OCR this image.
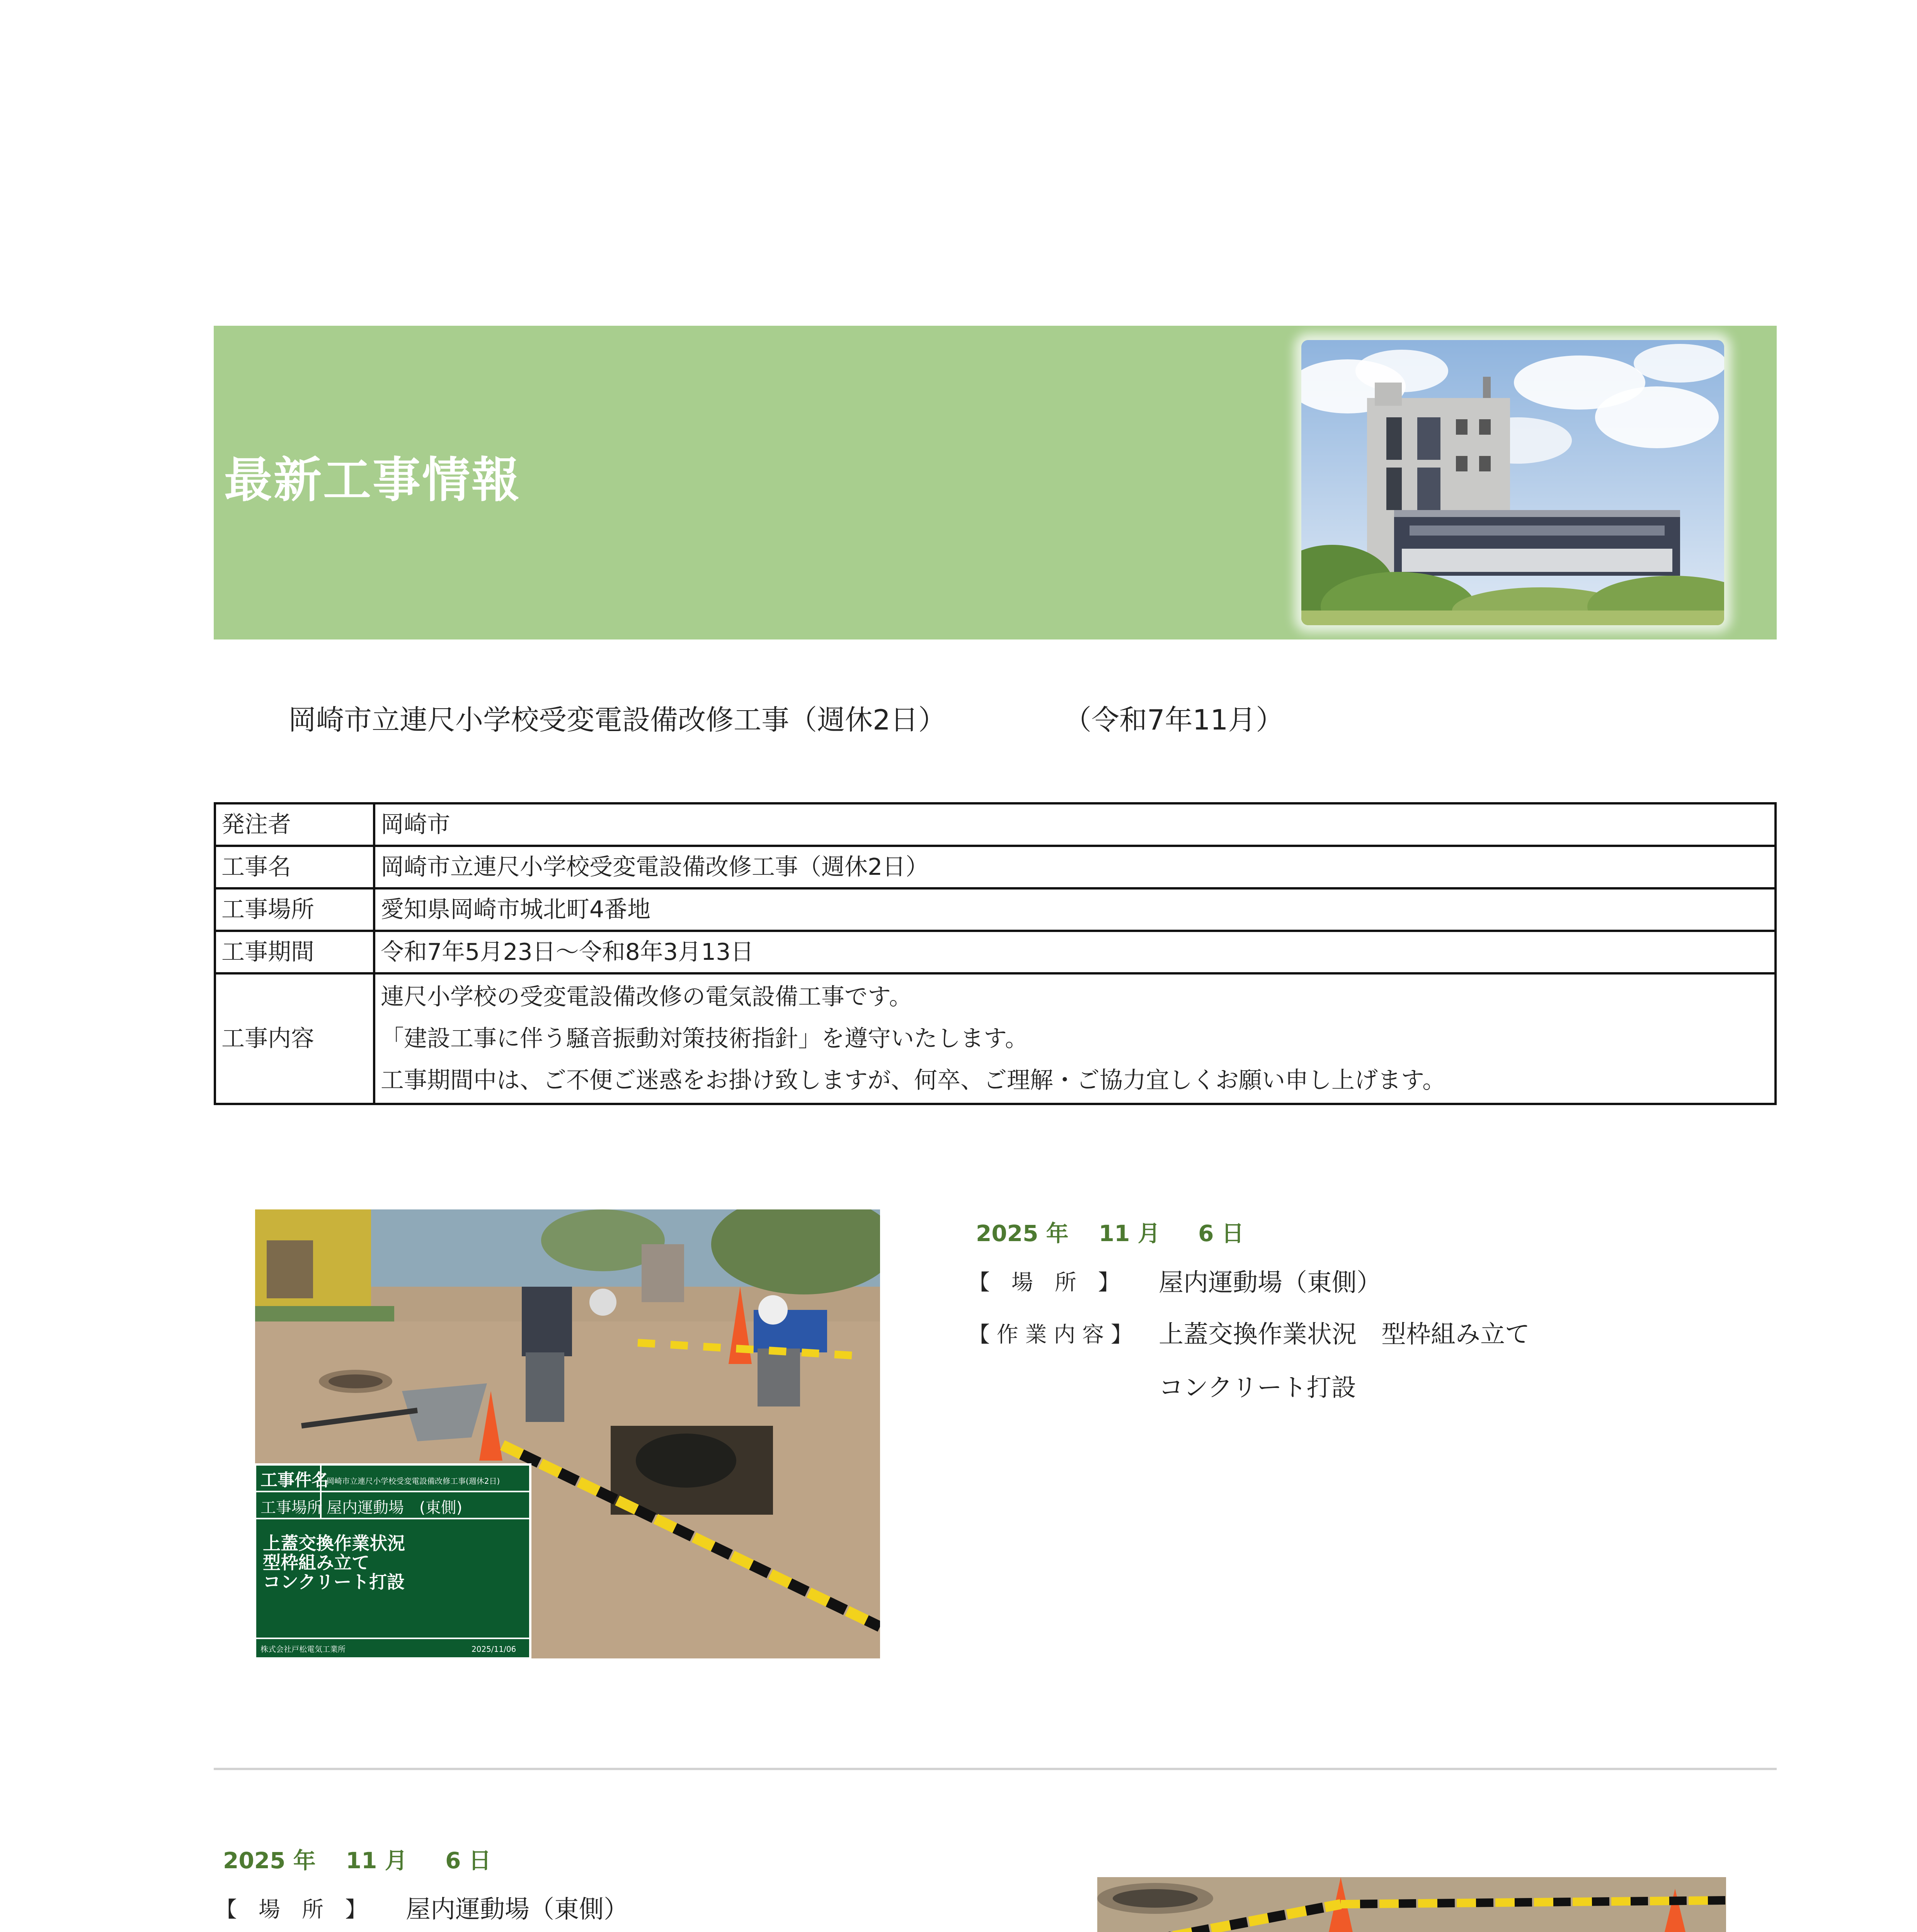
最新工事情報
岡崎市立連尺小学校受変電設備改修工事（週休2日）	（令和7年11月）
発注者	岡崎市
工事名	岡崎市立連尺小学校受変電設備改修工事（週休2日）
工事場所	愛知県岡崎市城北町4番地
工事期間	令和7年5月23日～令和8年3月13日
工事内容	連尺小学校の受変電設備改修の電気設備工事です。
「建設工事に伴う騒音振動対策技術指針」を遵守いたします。
工事期間中は、ご不便ご迷惑をお掛け致しますが、何卒、ご理解・ご協力宜しくお願い申し上げます。
工事件名
岡崎市立連尺小学校受変電設備改修工事(週休2日)
工事場所 屋内運動場　(東側)
上蓋交換作業状況
型枠組み立て
コンクリート打設
株式会社戸松電気工業所	2025/11/06
2025 年　 11 月 　 6 日
【　場　所　】 屋内運動場（東側）
【 作 業 内 容 】 上蓋交換作業状況　型枠組み立て
コンクリート打設
2025 年　 11 月 　 6 日
【　場　所　】 屋内運動場（東側）
